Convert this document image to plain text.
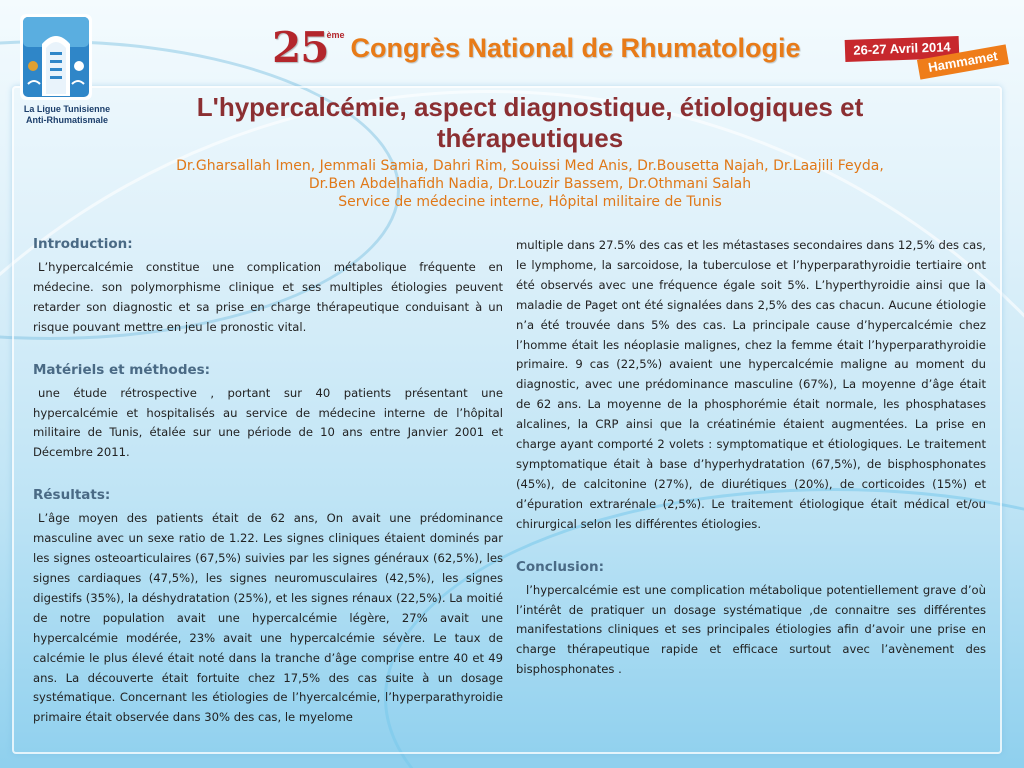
La Ligue Tunisienne
Anti-Rhumatismale
25
ème Congrès National de Rhumatologie	26-27 Avril 2014
Hammamet
L'hypercalcémie, aspect diagnostique, étiologiques et
thérapeutiques
Dr.Gharsallah Imen, Jemmali Samia, Dahri Rim, Souissi Med Anis, Dr.Bousetta Najah, Dr.Laajili Feyda,
Dr.Ben Abdelhafidh Nadia, Dr.Louzir Bassem, Dr.Othmani Salah
Service de médecine interne, Hôpital militaire de Tunis
Introduction:
L’hypercalcémie constitue une complication métabolique fréquente en médecine. son polymorphisme clinique et ses multiples étiologies peuvent retarder son diagnostic et sa prise en charge thérapeutique conduisant à un risque pouvant mettre en jeu le pronostic vital.
Matériels et méthodes:
une étude rétrospective , portant sur 40 patients présentant une hypercalcémie et hospitalisés au service de médecine interne de l’hôpital militaire de Tunis, étalée sur une période de 10 ans entre Janvier 2001 et Décembre 2011.
Résultats:
L’âge moyen des patients était de 62 ans, On avait une prédominance masculine avec un sexe ratio de 1.22. Les signes cliniques étaient dominés par les signes osteoarticulaires (67,5%) suivies par les signes généraux (62,5%), les signes cardiaques (47,5%), les signes neuromusculaires (42,5%), les signes digestifs (35%), la déshydratation (25%), et les signes rénaux (22,5%). La moitié de notre population avait une hypercalcémie légère, 27% avait une hypercalcémie modérée, 23% avait une hypercalcémie sévère. Le taux de calcémie le plus élevé était noté dans la tranche d’âge comprise entre 40 et 49 ans. La découverte était fortuite chez 17,5% des cas suite à un dosage systématique. Concernant les étiologies de l’hyercalcémie, l’hyperparathyroidie primaire était observée dans 30% des cas, le myelome
multiple dans 27.5% des cas et les métastases secondaires dans 12,5% des cas, le lymphome, la sarcoidose, la tuberculose et l’hyperparathyroidie tertiaire ont été observés avec une fréquence égale soit 5%. L’hyperthyroidie ainsi que la maladie de Paget ont été signalées dans 2,5% des cas chacun. Aucune étiologie n’a été trouvée dans 5% des cas. La principale cause d’hypercalcémie chez l’homme était les néoplasie malignes, chez la femme était l’hyperparathyroidie primaire. 9 cas (22,5%) avaient une hypercalcémie maligne au moment du diagnostic, avec une prédominance masculine (67%), La moyenne d’âge était de 62 ans. La moyenne de la phosphorémie était normale, les phosphatases alcalines, la CRP ainsi que la créatinémie étaient augmentées. La prise en charge ayant comporté 2 volets : symptomatique et étiologiques. Le traitement symptomatique était à base d’hyperhydratation (67,5%), de bisphosphonates (45%), de calcitonine (27%), de diurétiques (20%), de corticoides (15%) et d’épuration extrarénale (2,5%). Le traitement étiologique était médical et/ou chirurgical selon les différentes étiologies.
Conclusion:
l’hypercalcémie est une complication métabolique potentiellement grave d’où l’intérêt de pratiquer un dosage systématique ,de connaitre ses différentes manifestations cliniques et ses principales étiologies afin d’avoir une prise en charge thérapeutique rapide et efficace surtout avec l’avènement des bisphosphonates .
